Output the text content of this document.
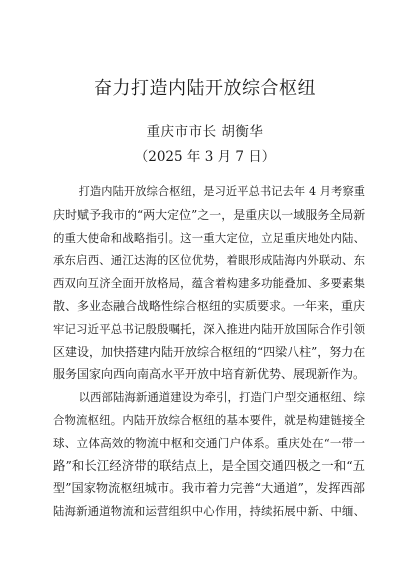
奋力打造内陆开放综合枢纽
重庆市市长 胡衡华
（2025 年 3 月 7 日）
打造内陆开放综合枢纽，是习近平总书记去年 4 月考察重
庆时赋予我市的“两大定位”之一，是重庆以一域服务全局新
的重大使命和战略指引。这一重大定位，立足重庆地处内陆、
承东启西、通江达海的区位优势，着眼形成陆海内外联动、东
西双向互济全面开放格局，蕴含着构建多功能叠加、多要素集
散、多业态融合战略性综合枢纽的实质要求。一年来，重庆
牢记习近平总书记殷殷嘱托，深入推进内陆开放国际合作引领
区建设，加快搭建内陆开放综合枢纽的“四梁八柱”，努力在
服务国家向西向南高水平开放中培育新优势、展现新作为。
以西部陆海新通道建设为牵引，打造门户型交通枢纽、综
合物流枢纽。内陆开放综合枢纽的基本要件，就是构建链接全
球、立体高效的物流中枢和交通门户体系。重庆处在“一带一
路”和长江经济带的联结点上，是全国交通四极之一和“五
型”国家物流枢纽城市。我市着力完善“大通道”，发挥西部
陆海新通道物流和运营组织中心作用，持续拓展中新、中缅、
